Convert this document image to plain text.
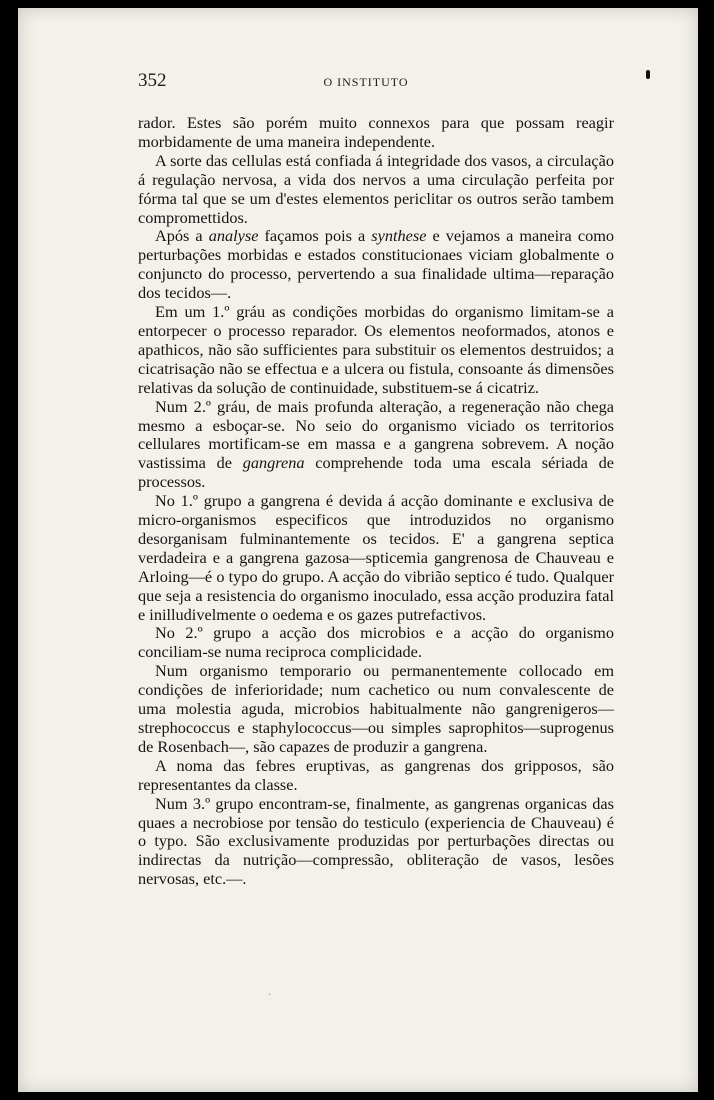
352	O INSTITUTO

rador. Estes são porém muito connexos para que possam reagir morbidamente de uma maneira independente.

A sorte das cellulas está confiada á integridade dos vasos, a circulação á regulação nervosa, a vida dos nervos a uma circulação perfeita por fórma tal que se um d'estes elementos periclitar os outros serão tambem compromettidos.

Após a analyse façamos pois a synthese e vejamos a maneira como perturbações morbidas e estados constitucionaes viciam globalmente o conjuncto do processo, pervertendo a sua finalidade ultima—reparação dos tecidos—.

Em um 1.º gráu as condições morbidas do organismo limitam-se a entorpecer o processo reparador. Os elementos neoformados, atonos e apathicos, não são sufficientes para substituir os elementos destruidos; a cicatrisação não se effectua e a ulcera ou fistula, consoante ás dimensões relativas da solução de continuidade, substituem-se á cicatriz.

Num 2.º gráu, de mais profunda alteração, a regeneração não chega mesmo a esboçar-se. No seio do organismo viciado os territorios cellulares mortificam-se em massa e a gangrena sobrevem. A noção vastissima de gangrena comprehende toda uma escala sériada de processos.

No 1.º grupo a gangrena é devida á acção dominante e exclusiva de micro-organismos especificos que introduzidos no organismo desorganisam fulminantemente os tecidos. E' a gangrena septica verdadeira e a gangrena gazosa—spticemia gangrenosa de Chauveau e Arloing—é o typo do grupo. A acção do vibrião septico é tudo. Qualquer que seja a resistencia do organismo inoculado, essa acção produzira fatal e inilludivelmente o oedema e os gazes putrefactivos.

No 2.º grupo a acção dos microbios e a acção do organismo conciliam-se numa reciproca complicidade.

Num organismo temporario ou permanentemente collocado em condições de inferioridade; num cachetico ou num convalescente de uma molestia aguda, microbios habitualmente não gangrenigeros—strephococcus e staphylococcus—ou simples saprophitos—suprogenus de Rosenbach—, são capazes de produzir a gangrena.

A noma das febres eruptivas, as gangrenas dos gripposos, são representantes da classe.

Num 3.º grupo encontram-se, finalmente, as gangrenas organicas das quaes a necrobiose por tensão do testiculo (experiencia de Chauveau) é o typo. São exclusivamente produzidas por perturbações directas ou indirectas da nutrição—compressão, obliteração de vasos, lesões nervosas, etc.—.

·
